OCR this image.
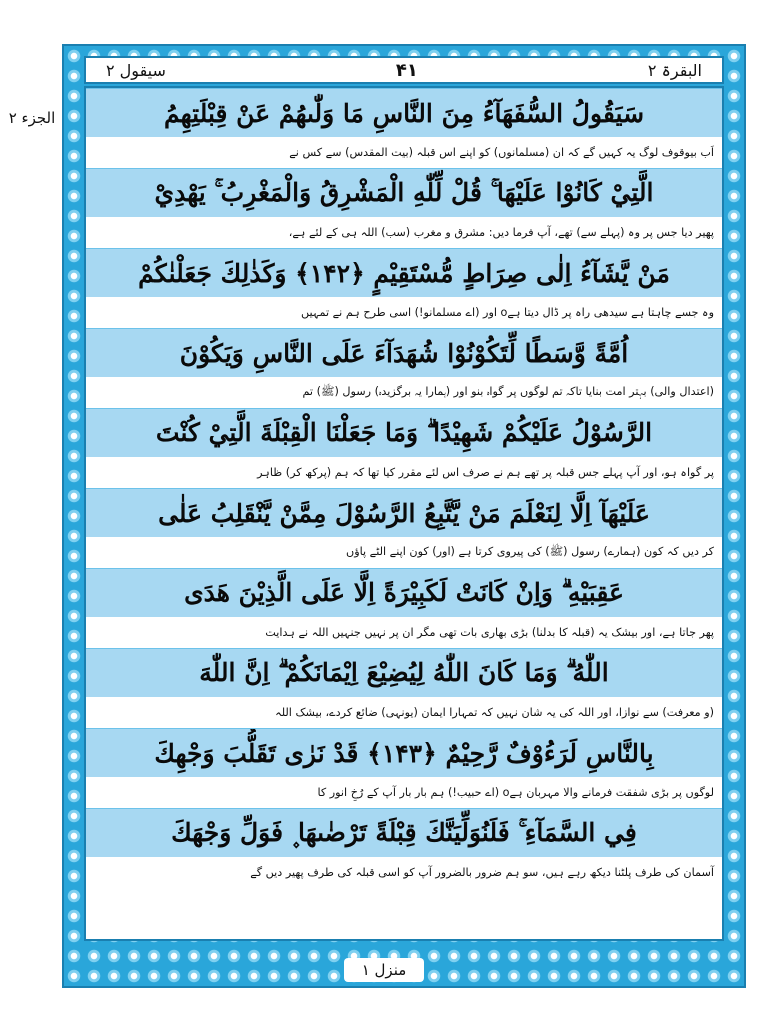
سیقول ۲	۴۱	البقرۃ ۲
الجزء ۲	سَيَقُولُ السُّفَهَآءُ مِنَ النَّاسِ مَا وَلّٰىهُمْ عَنْ قِبْلَتِهِمُ
اَب بیوقوف لوگ یہ کہیں گے کہ ان (مسلمانوں) کو اپنے اس قبلہ (بیت المقدس) سے کس نے
الَّتِيْ كَانُوْا عَلَيْهَا ۚ قُلْ لِّلّٰهِ الْمَشْرِقُ وَالْمَغْرِبُ ۚ يَهْدِيْ
پھیر دیا جس پر وہ (پہلے سے) تھے، آپ فرما دیں: مشرق و مغرب (سب) اللہ ہی کے لئے ہے،
مَنْ يَّشَآءُ اِلٰى صِرَاطٍ مُّسْتَقِيْمٍ ﴿۱۴۲﴾ وَكَذٰلِكَ جَعَلْنٰكُمْ
وہ جسے چاہتا ہے سیدھی راہ پر ڈال دیتا ہےo اور (اے مسلمانو!) اسی طرح ہم نے تمہیں
اُمَّةً وَّسَطًا لِّتَكُوْنُوْا شُهَدَآءَ عَلَى النَّاسِ وَيَكُوْنَ
(اعتدال والی) بہتر امت بنایا تاکہ تم لوگوں پر گواہ بنو اور (ہمارا یہ برگزیدہ) رسول (ﷺ) تم
الرَّسُوْلُ عَلَيْكُمْ شَهِيْدًا ۗ وَمَا جَعَلْنَا الْقِبْلَةَ الَّتِيْ كُنْتَ
پر گواہ ہو، اور آپ پہلے جس قبلہ پر تھے ہم نے صرف اس لئے مقرر کیا تھا کہ ہم (پرکھ کر) ظاہر
عَلَيْهَآ اِلَّا لِنَعْلَمَ مَنْ يَّتَّبِعُ الرَّسُوْلَ مِمَّنْ يَّنْقَلِبُ عَلٰى
کر دیں کہ کون (ہمارے) رسول (ﷺ) کی پیروی کرتا ہے (اور) کون اپنے الٹے پاؤں
عَقِبَيْهِ ۗ وَاِنْ كَانَتْ لَكَبِيْرَةً اِلَّا عَلَى الَّذِيْنَ هَدَى
پھر جاتا ہے، اور بیشک یہ (قبلہ کا بدلنا) بڑی بھاری بات تھی مگر ان پر نہیں جنہیں اللہ نے ہدایت
اللّٰهُ ۗ وَمَا كَانَ اللّٰهُ لِيُضِيْعَ اِيْمَانَكُمْ ۗ اِنَّ اللّٰهَ
(و معرفت) سے نوازا، اور اللہ کی یہ شان نہیں کہ تمہارا ایمان (یونہی) ضائع کردے، بیشک اللہ
بِالنَّاسِ لَرَءُوْفٌ رَّحِيْمٌ ﴿۱۴۳﴾ قَدْ نَرٰى تَقَلُّبَ وَجْهِكَ
لوگوں پر بڑی شفقت فرمانے والا مہربان ہےo (اے حبیب!) ہم بار بار آپ کے رُخِ انور کا
فِي السَّمَآءِ ۚ فَلَنُوَلِّيَنَّكَ قِبْلَةً تَرْضٰىهَا ۪ فَوَلِّ وَجْهَكَ
آسمان کی طرف پلٹنا دیکھ رہے ہیں، سو ہم ضرور بالضرور آپ کو اسی قبلہ کی طرف پھیر دیں گے
منزل ۱
